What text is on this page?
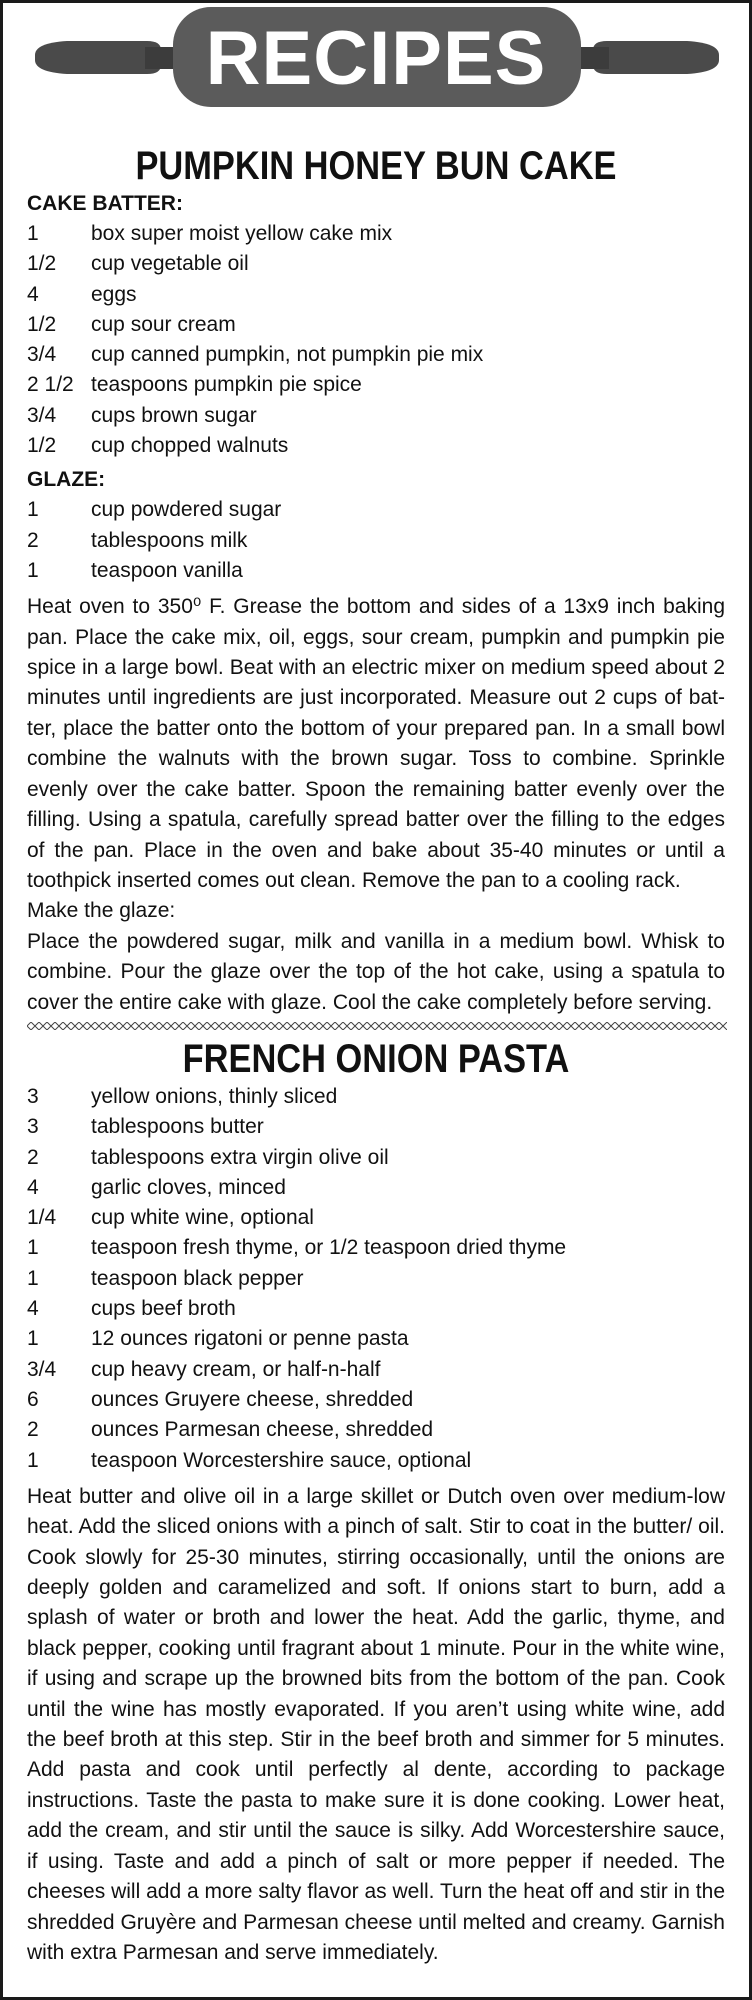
RECIPES
PUMPKIN HONEY BUN CAKE
CAKE BATTER:
1	box super moist yellow cake mix
1/2	cup vegetable oil
4	eggs
1/2	cup sour cream
3/4	cup canned pumpkin, not pumpkin pie mix
2 1/2 teaspoons pumpkin pie spice
3/4	cups brown sugar
1/2	cup chopped walnuts
GLAZE:
1	cup powdered sugar
2	tablespoons milk
1	teaspoon vanilla

Heat oven to 350⁰ F. Grease the bottom and sides of a 13x9 inch baking pan. Place the cake mix, oil, eggs, sour cream, pumpkin and pumpkin pie spice in a large bowl. Beat with an electric mixer on medium speed about 2 minutes until ingredients are just incorporated. Measure out 2 cups of batter, place the batter onto the bottom of your prepared pan. In a small bowl combine the walnuts with the brown sugar. Toss to combine. Sprinkle evenly over the cake batter. Spoon the remaining batter evenly over the filling. Using a spatula, carefully spread batter over the filling to the edges of the pan. Place in the oven and bake about 35-40 minutes or until a toothpick inserted comes out clean. Remove the pan to a cooling rack.

Make the glaze:

Place the powdered sugar, milk and vanilla in a medium bowl. Whisk to combine. Pour the glaze over the top of the hot cake, using a spatula to cover the entire cake with glaze. Cool the cake completely before serving.

FRENCH ONION PASTA
3	yellow onions, thinly sliced
3	tablespoons butter
2	tablespoons extra virgin olive oil
4	garlic cloves, minced
1/4	cup white wine, optional
1	teaspoon fresh thyme, or 1/2 teaspoon dried thyme
1	teaspoon black pepper
4	cups beef broth
1	12 ounces rigatoni or penne pasta
3/4	cup heavy cream, or half-n-half
6	ounces Gruyere cheese, shredded
2	ounces Parmesan cheese, shredded
1	teaspoon Worcestershire sauce, optional

Heat butter and olive oil in a large skillet or Dutch oven over medium-low heat. Add the sliced onions with a pinch of salt. Stir to coat in the butter/ oil. Cook slowly for 25-30 minutes, stirring occasionally, until the onions are deeply golden and caramelized and soft. If onions start to burn, add a splash of water or broth and lower the heat. Add the garlic, thyme, and black pepper, cooking until fragrant about 1 minute. Pour in the white wine, if using and scrape up the browned bits from the bottom of the pan. Cook until the wine has mostly evaporated. If you aren’t using white wine, add the beef broth at this step. Stir in the beef broth and simmer for 5 minutes. Add pasta and cook until perfectly al dente, according to package instructions. Taste the pasta to make sure it is done cooking. Lower heat, add the cream, and stir until the sauce is silky. Add Worcestershire sauce, if using. Taste and add a pinch of salt or more pepper if needed. The cheeses will add a more salty flavor as well. Turn the heat off and stir in the shredded Gruyère and Parmesan cheese until melted and creamy. Garnish with extra Parmesan and serve immediately.
